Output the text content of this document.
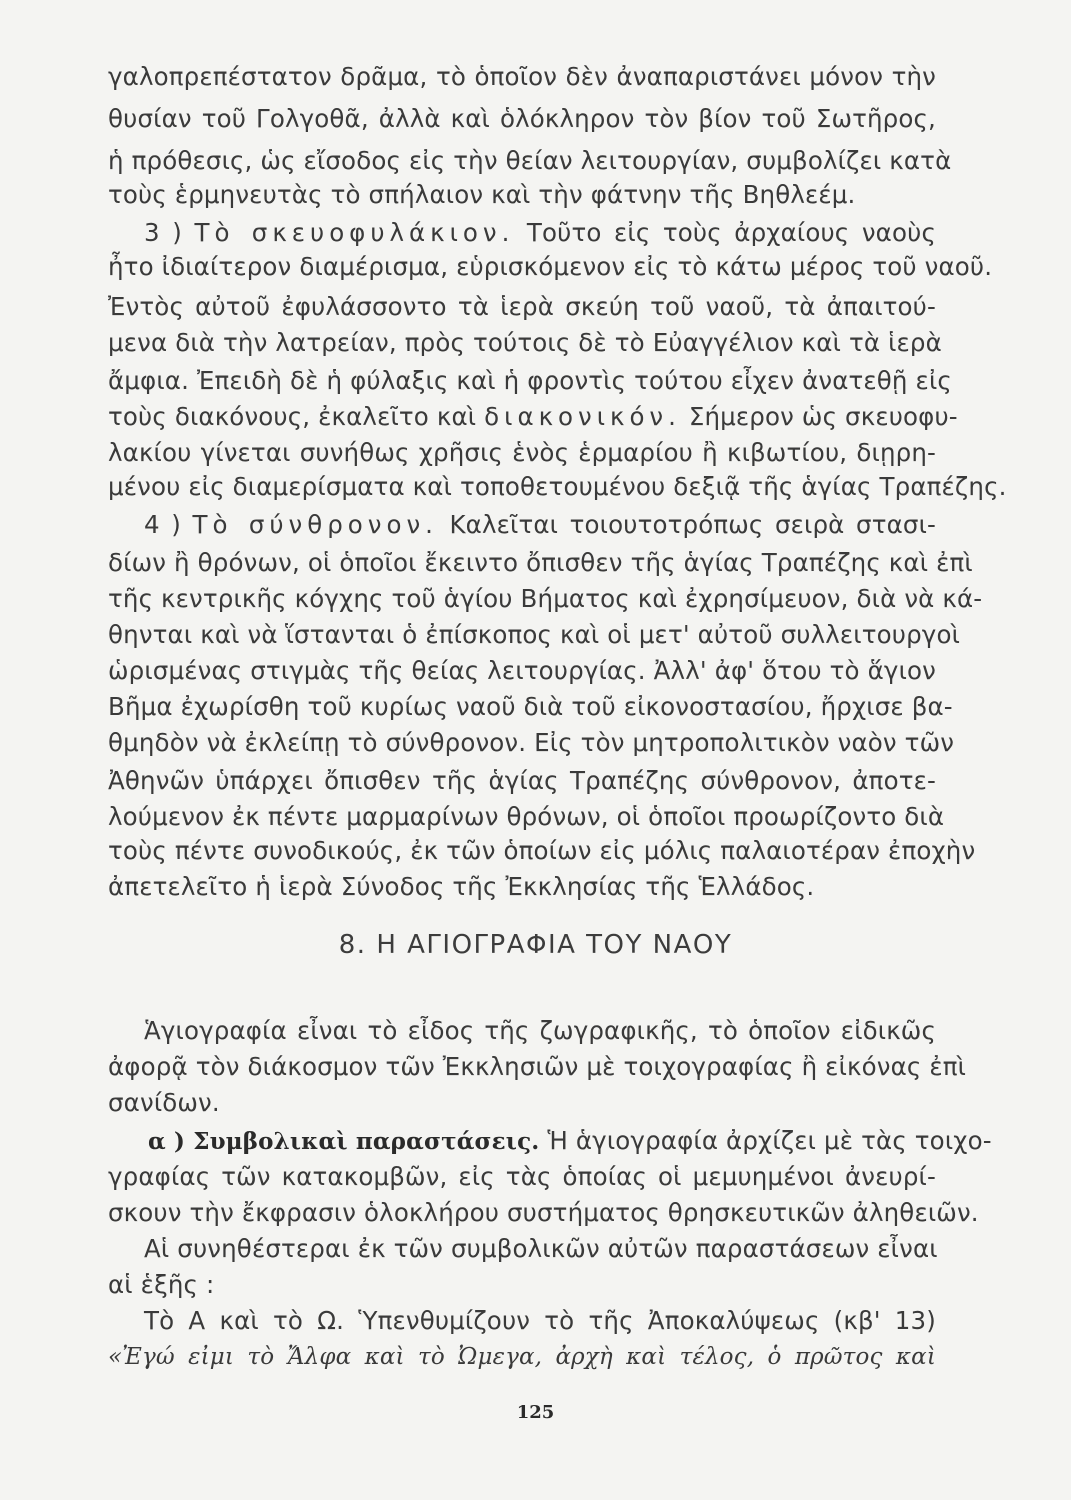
γαλοπρεπέστατον δρᾶμα, τὸ ὁποῖον δὲν ἀναπαριστάνει μόνον τὴν
θυσίαν τοῦ Γολγοθᾶ, ἀλλὰ καὶ ὁλόκληρον τὸν βίον τοῦ Σωτῆρος,
ἡ πρόθεσις, ὡς εἴσοδος εἰς τὴν θείαν λειτουργίαν, συμβολίζει κατὰ
τοὺς ἑρμηνευτὰς τὸ σπήλαιον καὶ τὴν φάτνην τῆς Βηθλεέμ.
3 ) Τὸ σκευοφυλάκιον. Τοῦτο εἰς τοὺς ἀρχαίους ναοὺς
ἦτο ἰδιαίτερον διαμέρισμα, εὑρισκόμενον εἰς τὸ κάτω μέρος τοῦ ναοῦ.
Ἐντὸς αὐτοῦ ἐφυλάσσοντο τὰ ἱερὰ σκεύη τοῦ ναοῦ, τὰ ἀπαιτού-
μενα διὰ τὴν λατρείαν, πρὸς τούτοις δὲ τὸ Εὐαγγέλιον καὶ τὰ ἱερὰ
ἄμφια. Ἐπειδὴ δὲ ἡ φύλαξις καὶ ἡ φροντὶς τούτου εἶχεν ἀνατεθῇ εἰς
τοὺς διακόνους, ἐκαλεῖτο καὶ διακονικόν. Σήμερον ὡς σκευοφυ-
λακίου γίνεται συνήθως χρῆσις ἑνὸς ἑρμαρίου ἢ κιβωτίου, διῃρη-
μένου εἰς διαμερίσματα καὶ τοποθετουμένου δεξιᾷ τῆς ἁγίας Τραπέζης.
4 ) Τὸ σύνθρονον. Καλεῖται τοιουτοτρόπως σειρὰ στασι-
δίων ἢ θρόνων, οἱ ὁποῖοι ἔκειντο ὄπισθεν τῆς ἁγίας Τραπέζης καὶ ἐπὶ
τῆς κεντρικῆς κόγχης τοῦ ἁγίου Βήματος καὶ ἐχρησίμευον, διὰ νὰ κά-
θηνται καὶ νὰ ἵστανται ὁ ἐπίσκοπος καὶ οἱ μετ' αὐτοῦ συλλειτουργοὶ
ὡρισμένας στιγμὰς τῆς θείας λειτουργίας. Ἀλλ' ἀφ' ὅτου τὸ ἅγιον
Βῆμα ἐχωρίσθη τοῦ κυρίως ναοῦ διὰ τοῦ εἰκονοστασίου, ἤρχισε βα-
θμηδὸν νὰ ἐκλείπῃ τὸ σύνθρονον. Εἰς τὸν μητροπολιτικὸν ναὸν τῶν
Ἀθηνῶν ὑπάρχει ὄπισθεν τῆς ἁγίας Τραπέζης σύνθρονον, ἀποτε-
λούμενον ἐκ πέντε μαρμαρίνων θρόνων, οἱ ὁποῖοι προωρίζοντο διὰ
τοὺς πέντε συνοδικούς, ἐκ τῶν ὁποίων εἰς μόλις παλαιοτέραν ἐποχὴν
ἀπετελεῖτο ἡ ἱερὰ Σύνοδος τῆς Ἐκκλησίας τῆς Ἑλλάδος.
8. Η ΑΓΙΟΓΡΑΦΙΑ ΤΟΥ ΝΑΟΥ
Ἁγιογραφία εἶναι τὸ εἶδος τῆς ζωγραφικῆς, τὸ ὁποῖον εἰδικῶς
ἀφορᾷ τὸν διάκοσμον τῶν Ἐκκλησιῶν μὲ τοιχογραφίας ἢ εἰκόνας ἐπὶ
σανίδων.
α ) Συμβολικαὶ παραστάσεις. Ἡ ἁγιογραφία ἀρχίζει μὲ τὰς τοιχο-
γραφίας τῶν κατακομβῶν, εἰς τὰς ὁποίας οἱ μεμυημένοι ἀνευρί-
σκουν τὴν ἔκφρασιν ὁλοκλήρου συστήματος θρησκευτικῶν ἀληθειῶν.
Αἱ συνηθέστεραι ἐκ τῶν συμβολικῶν αὐτῶν παραστάσεων εἶναι
αἱ ἑξῆς :
Τὸ Α καὶ τὸ Ω. Ὑπενθυμίζουν τὸ τῆς Ἀποκαλύψεως (κβ' 13)
«Ἐγώ εἰμι τὸ Ἄλφα καὶ τὸ Ὠμεγα, ἀρχὴ καὶ τέλος, ὁ πρῶτος καὶ
125
